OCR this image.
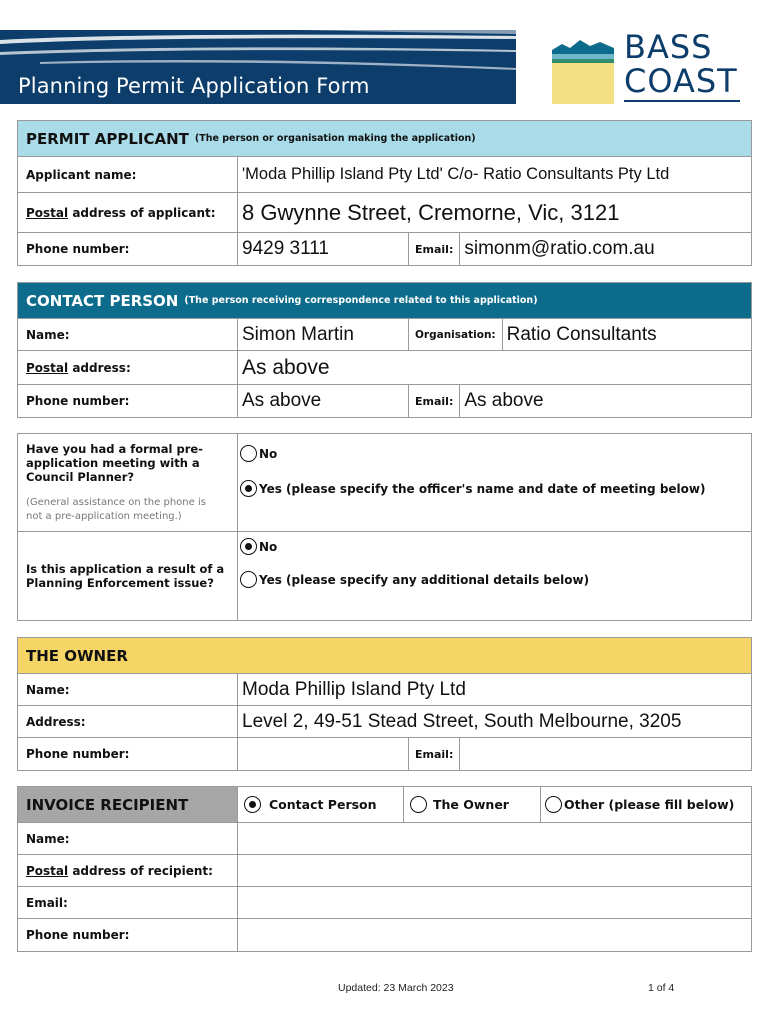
Planning Permit Application Form
BASS
COAST
PERMIT APPLICANT (The person or organisation making the application)
Applicant name:	'Moda Phillip Island Pty Ltd' C/o- Ratio Consultants Pty Ltd
Postal address of applicant: 8 Gwynne Street, Cremorne, Vic, 3121
Phone number:	9429 3111	Email: simonm@ratio.com.au
CONTACT PERSON (The person receiving correspondence related to this application)
Name:	Simon Martin	Organisation: Ratio Consultants
Postal address:	As above
Phone number:	As above	Email: As above
Have you had a formal pre-application meeting with a Council Planner?
(General assistance on the phone is not a pre-application meeting.)
No
Yes (please specify the officer's name and date of meeting below)
Is this application a result of a Planning Enforcement issue?
No
Yes (please specify any additional details below)
THE OWNER
Name:	Moda Phillip Island Pty Ltd
Address:	Level 2, 49-51 Stead Street, South Melbourne, 3205
Phone number:	Email:
INVOICE RECIPIENT	Contact Person	The Owner	Other (please fill below)
Name:
Postal address of recipient:
Email:
Phone number:
Updated: 23 March 2023	1 of 4
